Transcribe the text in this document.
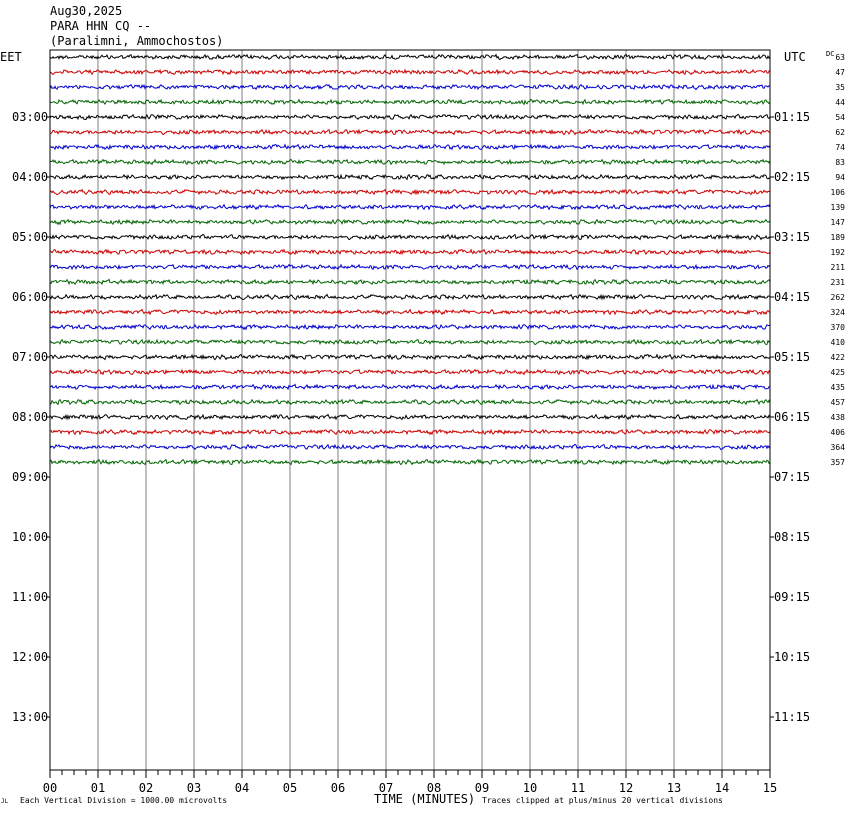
Aug30,2025
PARA HHN CQ --
(Paralimni, Ammochostos)
00	01	02	03	04	05	06	07	08	09	10	11	12	13	14	15
03:00
04:00
05:00
06:00
07:00
08:00
09:00
10:00
11:00
12:00
13:00
01:15
02:15
03:15
04:15
05:15
06:15
07:15
08:15
09:15
10:15
11:15
63
47
35
44
54
62
74
83
94
106
139
147
189
192
211
231
262
324
370
410
422
425
435
457
438
406
364
357
EET	UTC	DC
JL Each Vertical Division = 1000.00 microvolts	TIME (MINUTES) Traces clipped at plus/minus 20 vertical divisions
